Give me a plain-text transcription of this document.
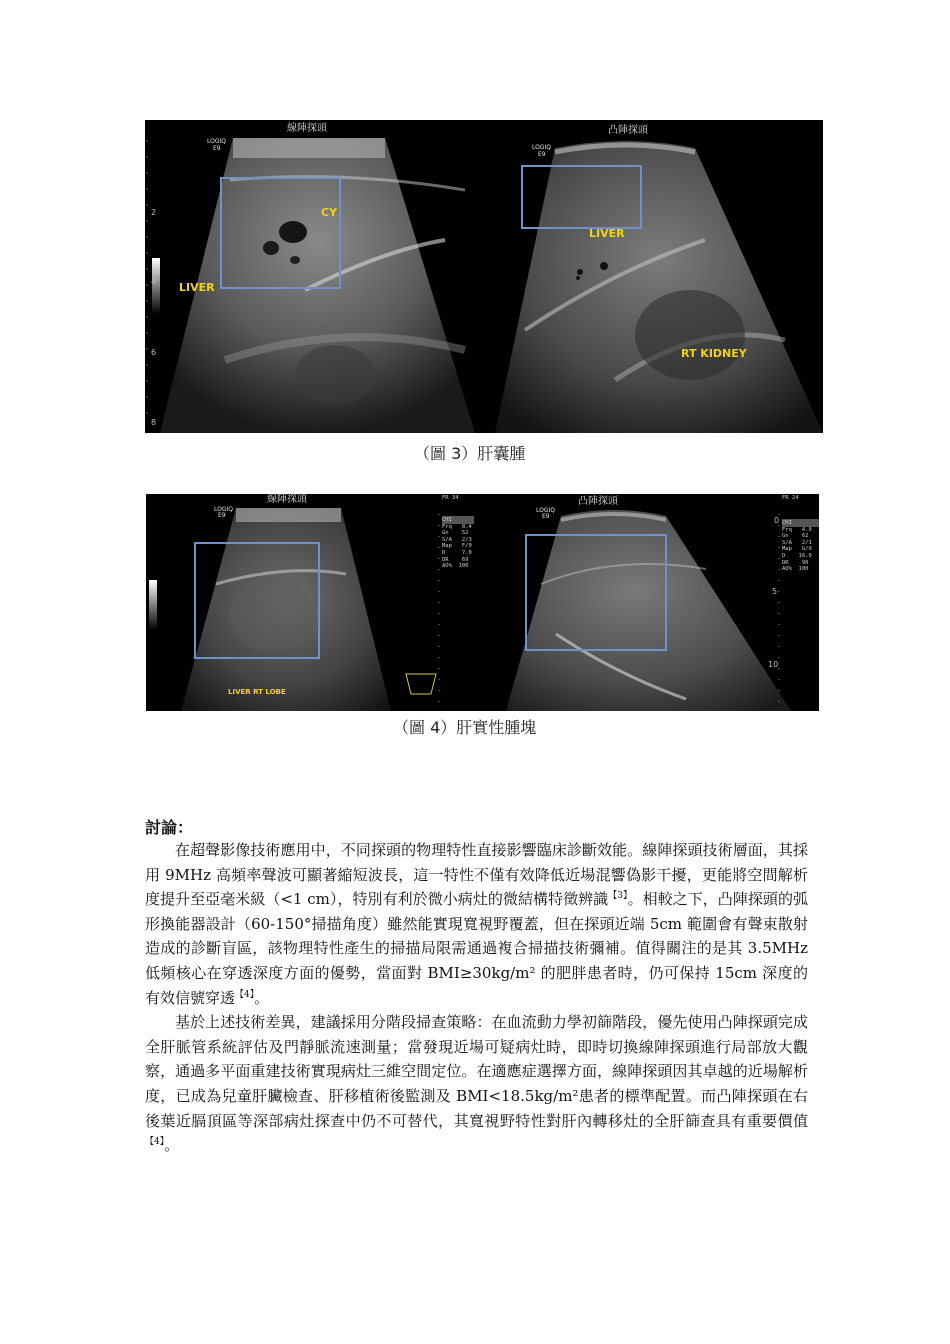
線陣探頭	凸陣探頭
LOGIQ
E9	LOGIQ
E9
CY
LIVER
LIVER
RT KIDNEY
2
4
6
8
（圖 3）肝囊腫
線陣探頭	凸陣探頭
LOGIQ
E9
LOGIQ
E9
LIVER RT LOBE
FR 34	FR 24
CHI
Frq   8.4
Gn    52
S/A   2/3
Map   F/0
D     7.0
DR    69
AO%  100
CHI
Frq   4.0
Gn    62
S/A   2/1
Map   G/0
D    16.0
DR    90
AO%  100
0
5
10
（圖 4）肝實性腫塊
討論：

在超聲影像技術應用中，不同探頭的物理特性直接影響臨床診斷效能。線陣探頭技術層面，其採用 9MHz 高頻率聲波可顯著縮短波長，這一特性不僅有效降低近場混響偽影干擾，更能將空間解析度提升至亞毫米級（<1 cm），特別有利於微小病灶的微結構特徵辨識$^{【3】}$。相較之下，凸陣探頭的弧形換能器設計（60-150°掃描角度）雖然能實現寬視野覆蓋，但在探頭近端 5cm 範圍會有聲束散射造成的診斷盲區，該物理特性產生的掃描局限需通過複合掃描技術彌補。值得關注的是其 3.5MHz 低頻核心在穿透深度方面的優勢，當面對 BMI≥30kg/m² 的肥胖患者時，仍可保持 15cm 深度的有效信號穿透$^{【4】}$。

基於上述技術差異，建議採用分階段掃查策略：在血流動力學初篩階段，優先使用凸陣探頭完成全肝脈管系統評估及門靜脈流速測量；當發現近場可疑病灶時，即時切換線陣探頭進行局部放大觀察，通過多平面重建技術實現病灶三維空間定位。在適應症選擇方面，線陣探頭因其卓越的近場解析度，已成為兒童肝臟檢查、肝移植術後監測及 BMI<18.5kg/m²患者的標準配置。而凸陣探頭在右後葉近膈頂區等深部病灶探查中仍不可替代，其寬視野特性對肝內轉移灶的全肝篩查具有重要價值$^{【4】}$。
